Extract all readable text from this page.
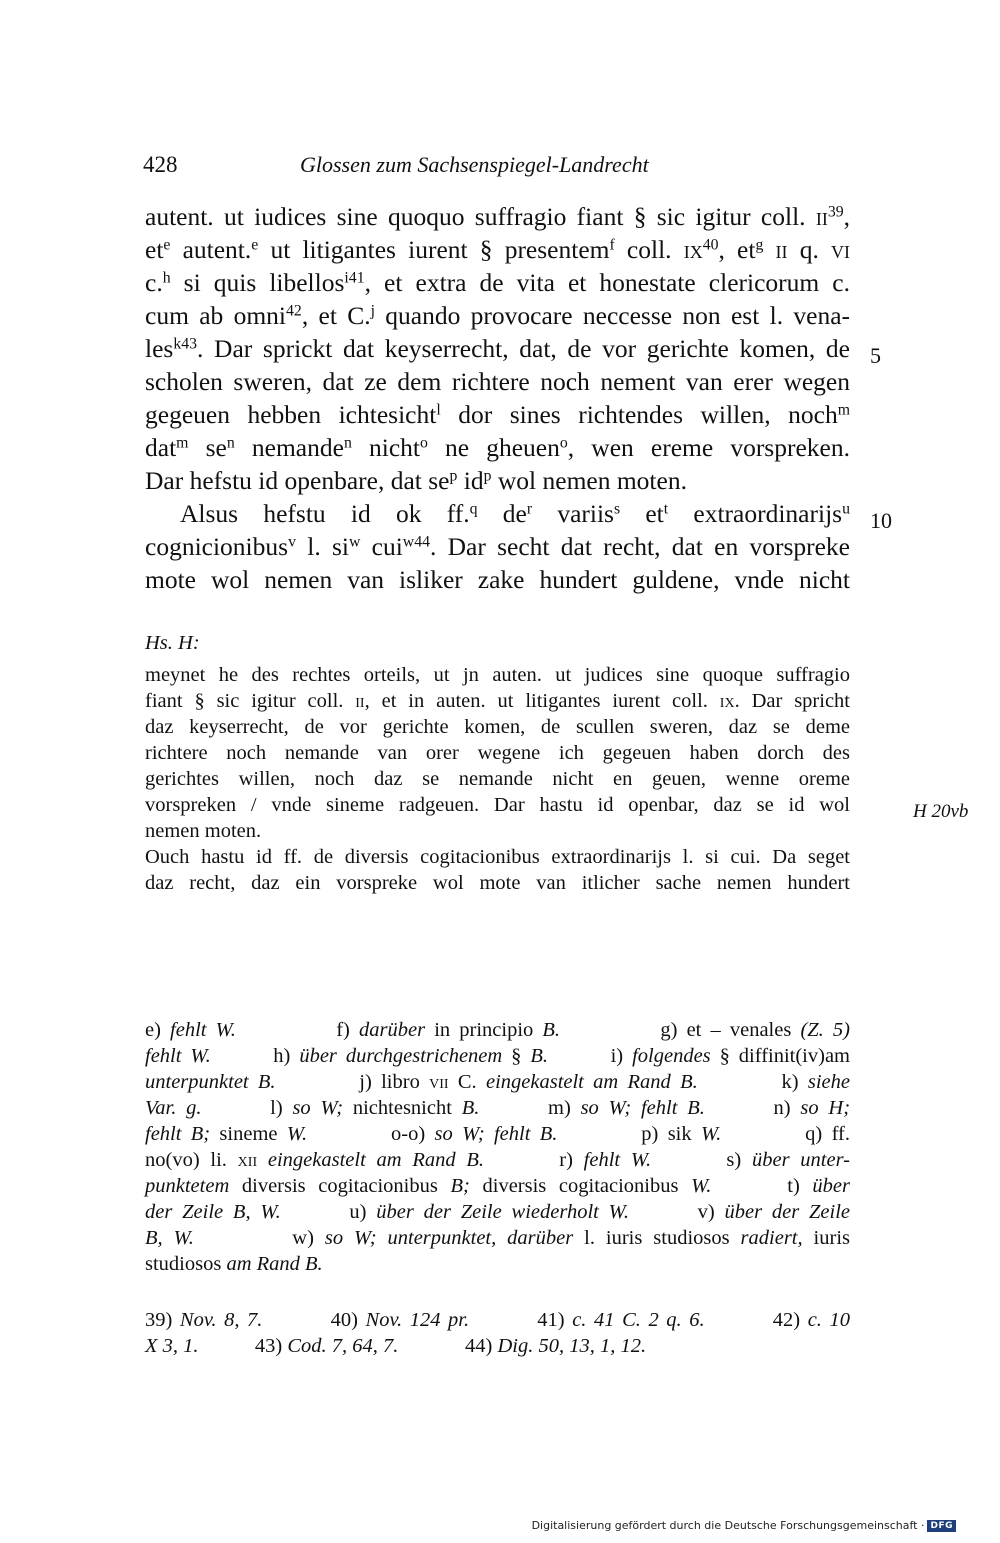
428	Glossen zum Sachsenspiegel-Landrecht
autent. ut iudices sine quoquo suffragio fiant § sic igitur coll. $ii^{39}$,
$et^e$ autent.$^e$ ut litigantes iurent § presentem$^f$ coll. $ix^{40}$, $et^g$ ii q. vi
c.$^h$ si quis libellos$^{i41}$, et extra de vita et honestate clericorum c.
cum ab omni$^{42}$, et C.$^j$ quando provocare neccesse non est l. vena-
les$^{k43}$. Dar sprickt dat keyserrecht, dat, de vor gerichte komen, de
scholen sweren, dat ze dem richtere noch nement van erer wegen
gegeuen hebben ichtesicht$^l$ dor sines richtendes willen, noch$^m$
dat$^m$ $se^n$ nemande$^n$ nicht$^o$ ne gheuen$^o$, wen ereme vorspreken.
Dar hefstu id openbare, dat $se^p$ $id^p$ wol nemen moten.
Alsus hefstu id ok ff.$^q$ $de^r$ variis$^s$ $et^t$ extraordinarijs$^u$
cognicionibus$^v$ l. $si^w$ cui$^{w44}$. Dar secht dat recht, dat en vorspreke
mote wol nemen van isliker zake hundert guldene, vnde nicht
5
10
Hs. H:
meynet he des rechtes orteils, ut jn auten. ut judices sine quoque suffragio
fiant § sic igitur coll. ii, et in auten. ut litigantes iurent coll. ix. Dar spricht
daz keyserrecht, de vor gerichte komen, de scullen sweren, daz se deme
richtere noch nemande van orer wegene ich gegeuen haben dorch des
gerichtes willen, noch daz se nemande nicht en geuen, wenne oreme
vorspreken / vnde sineme radgeuen. Dar hastu id openbar, daz se id wol
nemen moten.
Ouch hastu id ff. de diversis cogitacionibus extraordinarijs l. si cui. Da seget
daz recht, daz ein vorspreke wol mote van itlicher sache nemen hundert
H 20vb
e) fehlt W.           f) darüber in principio B.           g) et – venales (Z. 5)
fehlt W.       h) über durchgestrichenem § B.       i) folgendes § diffinit(iv)am
unterpunktet B.         j) libro vii C. eingekastelt am Rand B.         k) siehe
Var. g.       l) so W; nichtesnicht B.       m) so W; fehlt B.       n) so H;
fehlt B; sineme W.         o-o) so W; fehlt B.         p) sik W.         q) ff.
no(vo) li. xii eingekastelt am Rand B.       r) fehlt W.       s) über unter-
punktetem diversis cogitacionibus B; diversis cogitacionibus W.      t) über
der Zeile B, W.       u) über der Zeile wiederholt W.       v) über der Zeile
B, W.         w) so W; unterpunktet, darüber l. iuris studiosos radiert, iuris
studiosos am Rand B.
39) Nov. 8, 7.         40) Nov. 124 pr.         41) c. 41 C. 2 q. 6.         42) c. 10
X 3, 1.           43) Cod. 7, 64, 7.             44) Dig. 50, 13, 1, 12.
Digitalisierung gefördert durch die Deutsche Forschungsgemeinschaft · DFG
